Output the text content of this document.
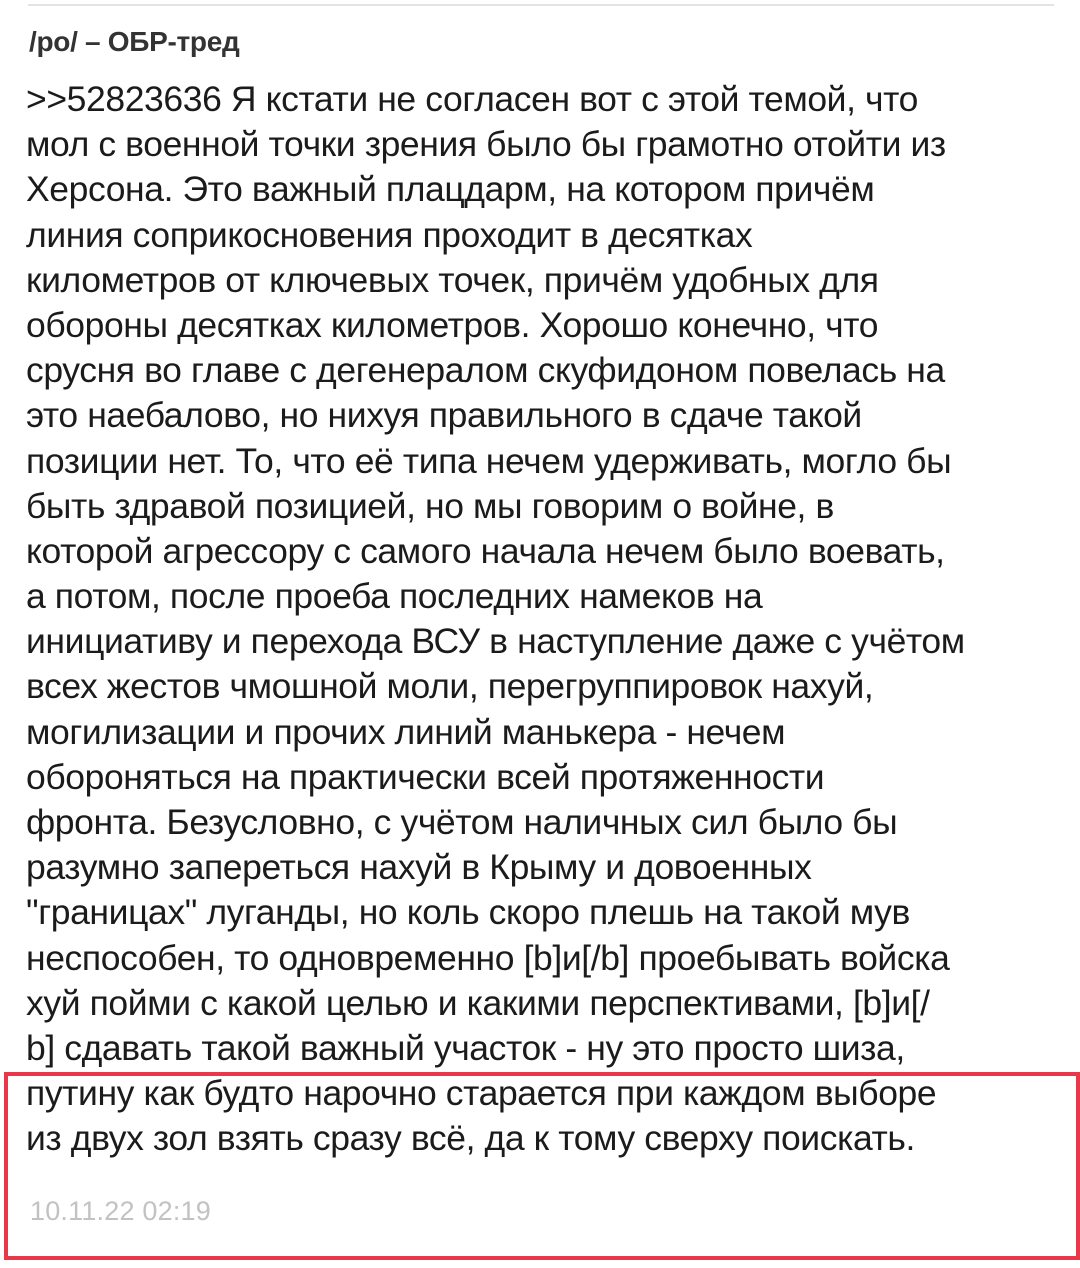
/po/ – ОБР-тред
>>52823636 Я кстати не согласен вот с этой темой, что
мол с военной точки зрения было бы грамотно отойти из
Херсона. Это важный плацдарм, на котором причём
линия соприкосновения проходит в десятках
километров от ключевых точек, причём удобных для
обороны десятках километров. Хорошо конечно, что
срусня во главе с дегенералом скуфидоном повелась на
это наебалово, но нихуя правильного в сдаче такой
позиции нет. То, что её типа нечем удерживать, могло бы
быть здравой позицией, но мы говорим о войне, в
которой агрессору с самого начала нечем было воевать,
а потом, после проеба последних намеков на
инициативу и перехода ВСУ в наступление даже с учётом
всех жестов чмошной моли, перегруппировок нахуй,
могилизации и прочих линий манькера - нечем
обороняться на практически всей протяженности
фронта. Безусловно, с учётом наличных сил было бы
разумно запереться нахуй в Крыму и довоенных
"границах" луганды, но коль скоро плешь на такой мув
неспособен, то одновременно [b]и[/b] проебывать войска
хуй пойми с какой целью и какими перспективами, [b]и[/
b] сдавать такой важный участок - ну это просто шиза,
путину как будто нарочно старается при каждом выборе
из двух зол взять сразу всё, да к тому сверху поискать.
10.11.22 02:19
